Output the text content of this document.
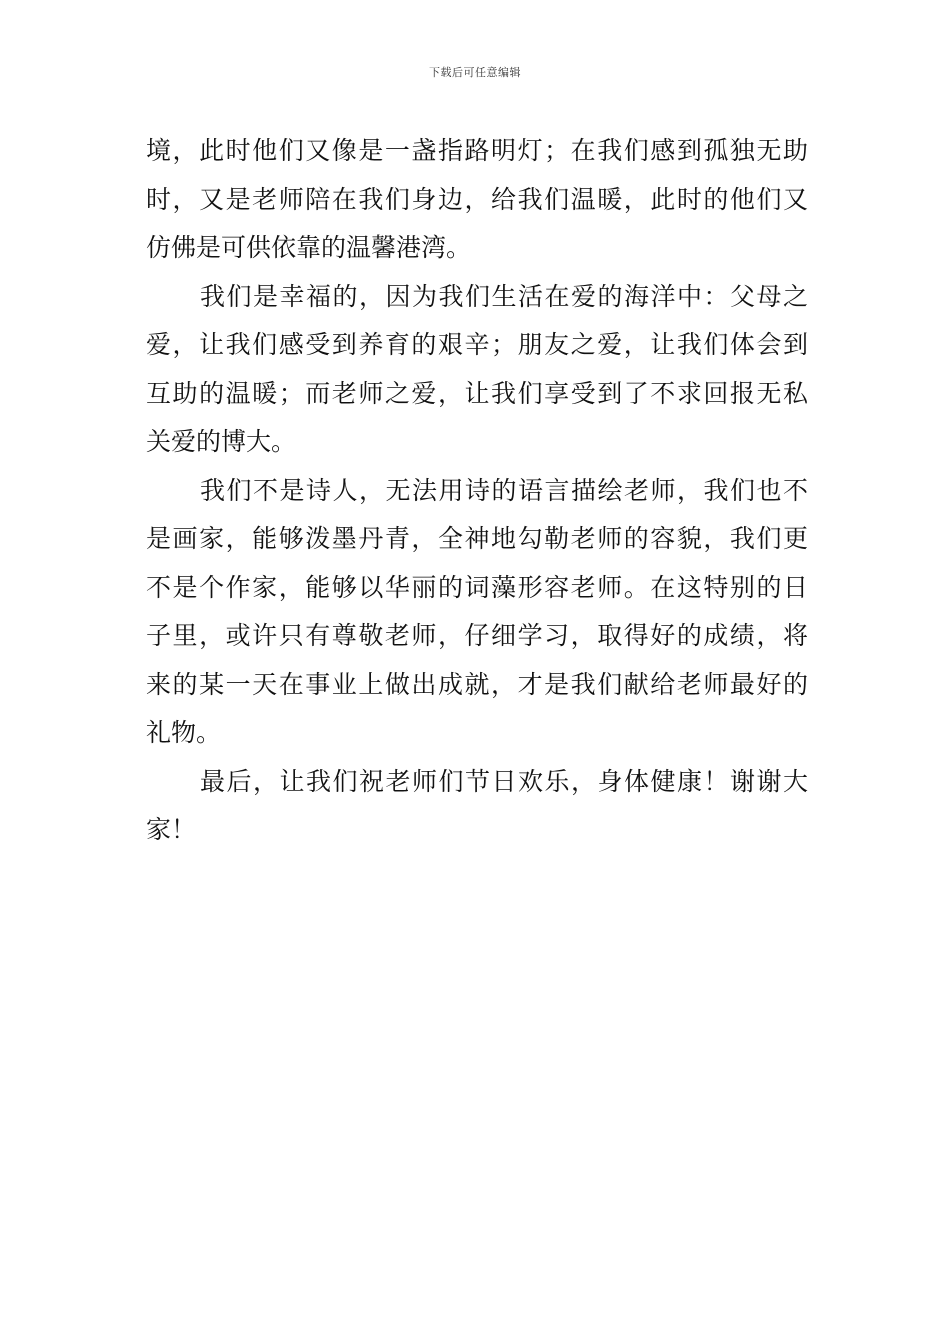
下载后可任意编辑
境，此时他们又像是一盏指路明灯；在我们感到孤独无助
时，又是老师陪在我们身边，给我们温暖，此时的他们又
仿佛是可供依靠的温馨港湾。
我们是幸福的，因为我们生活在爱的海洋中：父母之
爱，让我们感受到养育的艰辛；朋友之爱，让我们体会到
互助的温暖；而老师之爱，让我们享受到了不求回报无私
关爱的博大。
我们不是诗人，无法用诗的语言描绘老师，我们也不
是画家，能够泼墨丹青，全神地勾勒老师的容貌，我们更
不是个作家，能够以华丽的词藻形容老师。在这特别的日
子里，或许只有尊敬老师，仔细学习，取得好的成绩，将
来的某一天在事业上做出成就，才是我们献给老师最好的
礼物。
最后，让我们祝老师们节日欢乐，身体健康！谢谢大
家！
